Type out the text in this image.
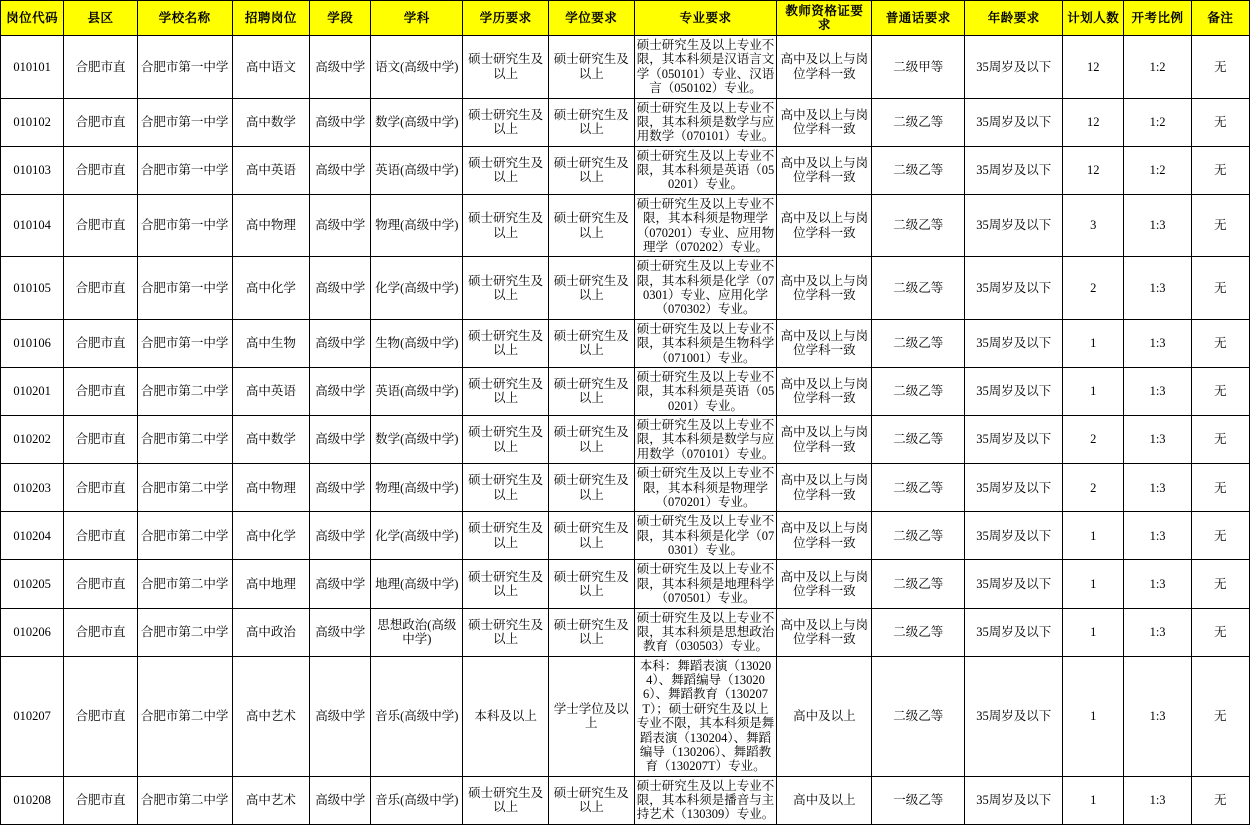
岗位代码	县区	学校名称	招聘岗位	学段	学科	学历要求	学位要求	专业要求	教师资格证要求	普通话要求	年龄要求	计划人数	开考比例	备注
010101	合肥市直	合肥市第一中学	高中语文	高级中学	语文(高级中学)	硕士研究生及以上	硕士研究生及以上	硕士研究生及以上专业不限，其本科须是汉语言文学（050101）专业、汉语言（050102）专业。	高中及以上与岗位学科一致	二级甲等	35周岁及以下	12	1:2	无
010102	合肥市直	合肥市第一中学	高中数学	高级中学	数学(高级中学)	硕士研究生及以上	硕士研究生及以上	硕士研究生及以上专业不限，其本科须是数学与应用数学（070101）专业。	高中及以上与岗位学科一致	二级乙等	35周岁及以下	12	1:2	无
010103	合肥市直	合肥市第一中学	高中英语	高级中学	英语(高级中学)	硕士研究生及以上	硕士研究生及以上	硕士研究生及以上专业不限，其本科须是英语（050201）专业。	高中及以上与岗位学科一致	二级乙等	35周岁及以下	12	1:2	无
010104	合肥市直	合肥市第一中学	高中物理	高级中学	物理(高级中学)	硕士研究生及以上	硕士研究生及以上	硕士研究生及以上专业不限，其本科须是物理学（070201）专业、应用物理学（070202）专业。	高中及以上与岗位学科一致	二级乙等	35周岁及以下	3	1:3	无
010105	合肥市直	合肥市第一中学	高中化学	高级中学	化学(高级中学)	硕士研究生及以上	硕士研究生及以上	硕士研究生及以上专业不限，其本科须是化学（070301）专业、应用化学（070302）专业。	高中及以上与岗位学科一致	二级乙等	35周岁及以下	2	1:3	无
010106	合肥市直	合肥市第一中学	高中生物	高级中学	生物(高级中学)	硕士研究生及以上	硕士研究生及以上	硕士研究生及以上专业不限，其本科须是生物科学（071001）专业。	高中及以上与岗位学科一致	二级乙等	35周岁及以下	1	1:3	无
010201	合肥市直	合肥市第二中学	高中英语	高级中学	英语(高级中学)	硕士研究生及以上	硕士研究生及以上	硕士研究生及以上专业不限，其本科须是英语（050201）专业。	高中及以上与岗位学科一致	二级乙等	35周岁及以下	1	1:3	无
010202	合肥市直	合肥市第二中学	高中数学	高级中学	数学(高级中学)	硕士研究生及以上	硕士研究生及以上	硕士研究生及以上专业不限，其本科须是数学与应用数学（070101）专业。	高中及以上与岗位学科一致	二级乙等	35周岁及以下	2	1:3	无
010203	合肥市直	合肥市第二中学	高中物理	高级中学	物理(高级中学)	硕士研究生及以上	硕士研究生及以上	硕士研究生及以上专业不限，其本科须是物理学（070201）专业。	高中及以上与岗位学科一致	二级乙等	35周岁及以下	2	1:3	无
010204	合肥市直	合肥市第二中学	高中化学	高级中学	化学(高级中学)	硕士研究生及以上	硕士研究生及以上	硕士研究生及以上专业不限，其本科须是化学（070301）专业。	高中及以上与岗位学科一致	二级乙等	35周岁及以下	1	1:3	无
010205	合肥市直	合肥市第二中学	高中地理	高级中学	地理(高级中学)	硕士研究生及以上	硕士研究生及以上	硕士研究生及以上专业不限，其本科须是地理科学（070501）专业。	高中及以上与岗位学科一致	二级乙等	35周岁及以下	1	1:3	无
010206	合肥市直	合肥市第二中学	高中政治	高级中学	思想政治(高级中学)	硕士研究生及以上	硕士研究生及以上	硕士研究生及以上专业不限，其本科须是思想政治教育（030503）专业。	高中及以上与岗位学科一致	二级乙等	35周岁及以下	1	1:3	无
010207	合肥市直	合肥市第二中学	高中艺术	高级中学	音乐(高级中学)	本科及以上	学士学位及以上	本科：舞蹈表演（130204）、舞蹈编导（130206）、舞蹈教育（130207T）；硕士研究生及以上专业不限，其本科须是舞蹈表演（130204）、舞蹈编导（130206）、舞蹈教育（130207T）专业。	高中及以上	二级乙等	35周岁及以下	1	1:3	无
010208	合肥市直	合肥市第二中学	高中艺术	高级中学	音乐(高级中学)	硕士研究生及以上	硕士研究生及以上	硕士研究生及以上专业不限，其本科须是播音与主持艺术（130309）专业。	高中及以上	一级乙等	35周岁及以下	1	1:3	无
